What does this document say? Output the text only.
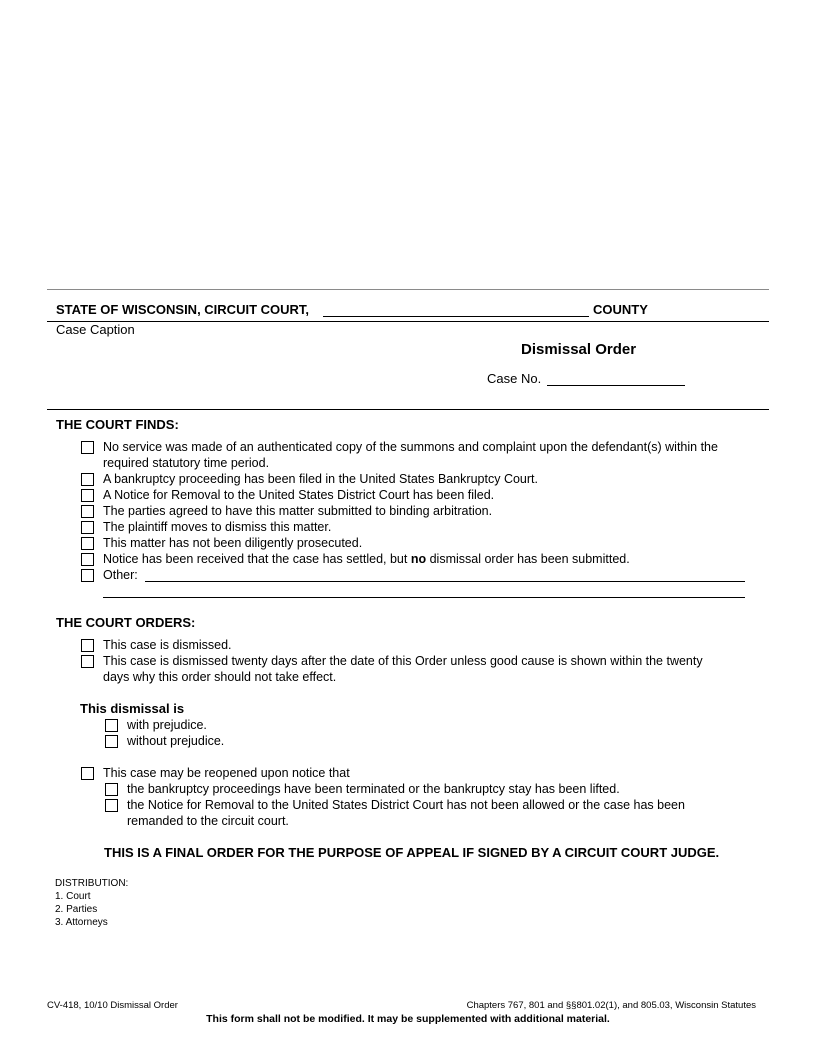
STATE OF WISCONSIN, CIRCUIT COURT,	COUNTY
Case Caption
Dismissal Order
Case No.
THE COURT FINDS:
No service was made of an authenticated copy of the summons and complaint upon the defendant(s) within the
required statutory time period.
A bankruptcy proceeding has been filed in the United States Bankruptcy Court.
A Notice for Removal to the United States District Court has been filed.
The parties agreed to have this matter submitted to binding arbitration.
The plaintiff moves to dismiss this matter.
This matter has not been diligently prosecuted.
Notice has been received that the case has settled, but no dismissal order has been submitted.
Other:
THE COURT ORDERS:
This case is dismissed.
This case is dismissed twenty days after the date of this Order unless good cause is shown within the twenty
days why this order should not take effect.
This dismissal is
with prejudice.
without prejudice.
This case may be reopened upon notice that
the bankruptcy proceedings have been terminated or the bankruptcy stay has been lifted.
the Notice for Removal to the United States District Court has not been allowed or the case has been
remanded to the circuit court.
THIS IS A FINAL ORDER FOR THE PURPOSE OF APPEAL IF SIGNED BY A CIRCUIT COURT JUDGE.
DISTRIBUTION:
1. Court
2. Parties
3. Attorneys
CV-418, 10/10 Dismissal Order	Chapters 767, 801 and §§801.02(1), and 805.03, Wisconsin Statutes
This form shall not be modified. It may be supplemented with additional material.
